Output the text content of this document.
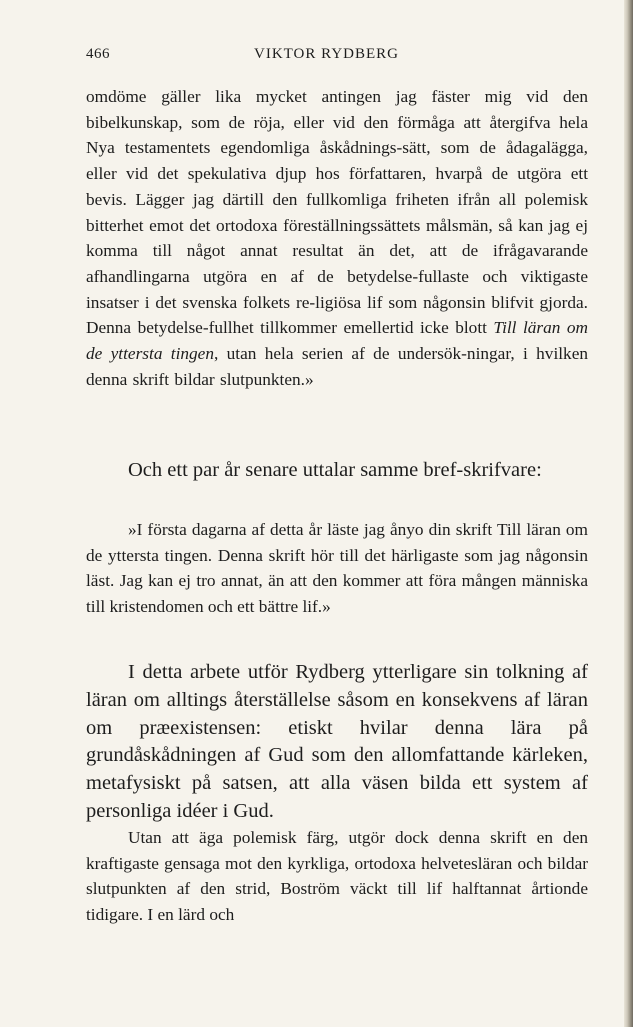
466	VIKTOR RYDBERG

omdöme gäller lika mycket antingen jag fäster mig vid den bibelkunskap, som de röja, eller vid den förmåga att återgifva hela Nya testamentets egendomliga åskådnings-sätt, som de ådagalägga, eller vid det spekulativa djup hos författaren, hvarpå de utgöra ett bevis. Lägger jag därtill den fullkomliga friheten ifrån all polemisk bitterhet emot det ortodoxa föreställningssättets målsmän, så kan jag ej komma till något annat resultat än det, att de ifrågavarande afhandlingarna utgöra en af de betydelse-fullaste och viktigaste insatser i det svenska folkets re-ligiösa lif som någonsin blifvit gjorda. Denna betydelse-fullhet tillkommer emellertid icke blott Till läran om de yttersta tingen, utan hela serien af de undersök-ningar, i hvilken denna skrift bildar slutpunkten.»

Och ett par år senare uttalar samme bref-skrifvare:

»I första dagarna af detta år läste jag ånyo din skrift Till läran om de yttersta tingen. Denna skrift hör till det härligaste som jag någonsin läst. Jag kan ej tro annat, än att den kommer att föra mången människa till kristendomen och ett bättre lif.»

I detta arbete utför Rydberg ytterligare sin tolkning af läran om alltings återställelse såsom en konsekvens af läran om præexistensen: etiskt hvilar denna lära på grundåskådningen af Gud som den allomfattande kärleken, metafysiskt på satsen, att alla väsen bilda ett system af personliga idéer i Gud.

Utan att äga polemisk färg, utgör dock denna skrift en den kraftigaste gensaga mot den kyrkliga, ortodoxa helvetesläran och bildar slutpunkten af den strid, Boström väckt till lif halftannat årtionde tidigare. I en lärd och
